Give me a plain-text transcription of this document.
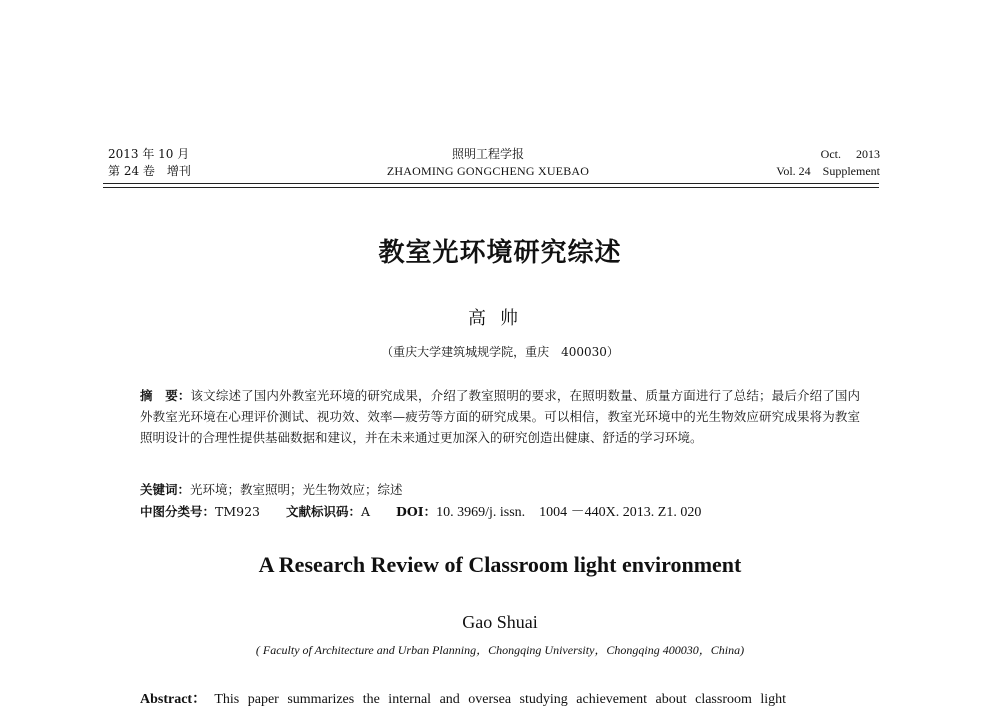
2013 年 10 月
第 24 卷　增刊
照明工程学报
ZHAOMING GONGCHENG XUEBAO
Oct.　 2013
Vol. 24　Supplement
教室光环境研究综述
高帅
（重庆大学建筑城规学院，重庆　400030）
摘　要：该文综述了国内外教室光环境的研究成果，介绍了教室照明的要求，在照明数量、质量方面进行了总结；最后介绍了国内外教室光环境在心理评价测试、视功效、效率—疲劳等方面的研究成果。可以相信，教室光环境中的光生物效应研究成果将为教室照明设计的合理性提供基础数据和建议，并在未来通过更加深入的研究创造出健康、舒适的学习环境。
关键词：光环境；教室照明；光生物效应；综述
中图分类号：TM923 文献标识码：A DOI：10. 3969/j. issn.　1004 －440X. 2013. Z1. 020
A Research Review of Classroom light environment
Gao Shuai
( Faculty of Architecture and Urban Planning，Chongqing University，Chongqing 400030，China)
Abstract： This paper summarizes the internal and oversea studying achievement about classroom light
